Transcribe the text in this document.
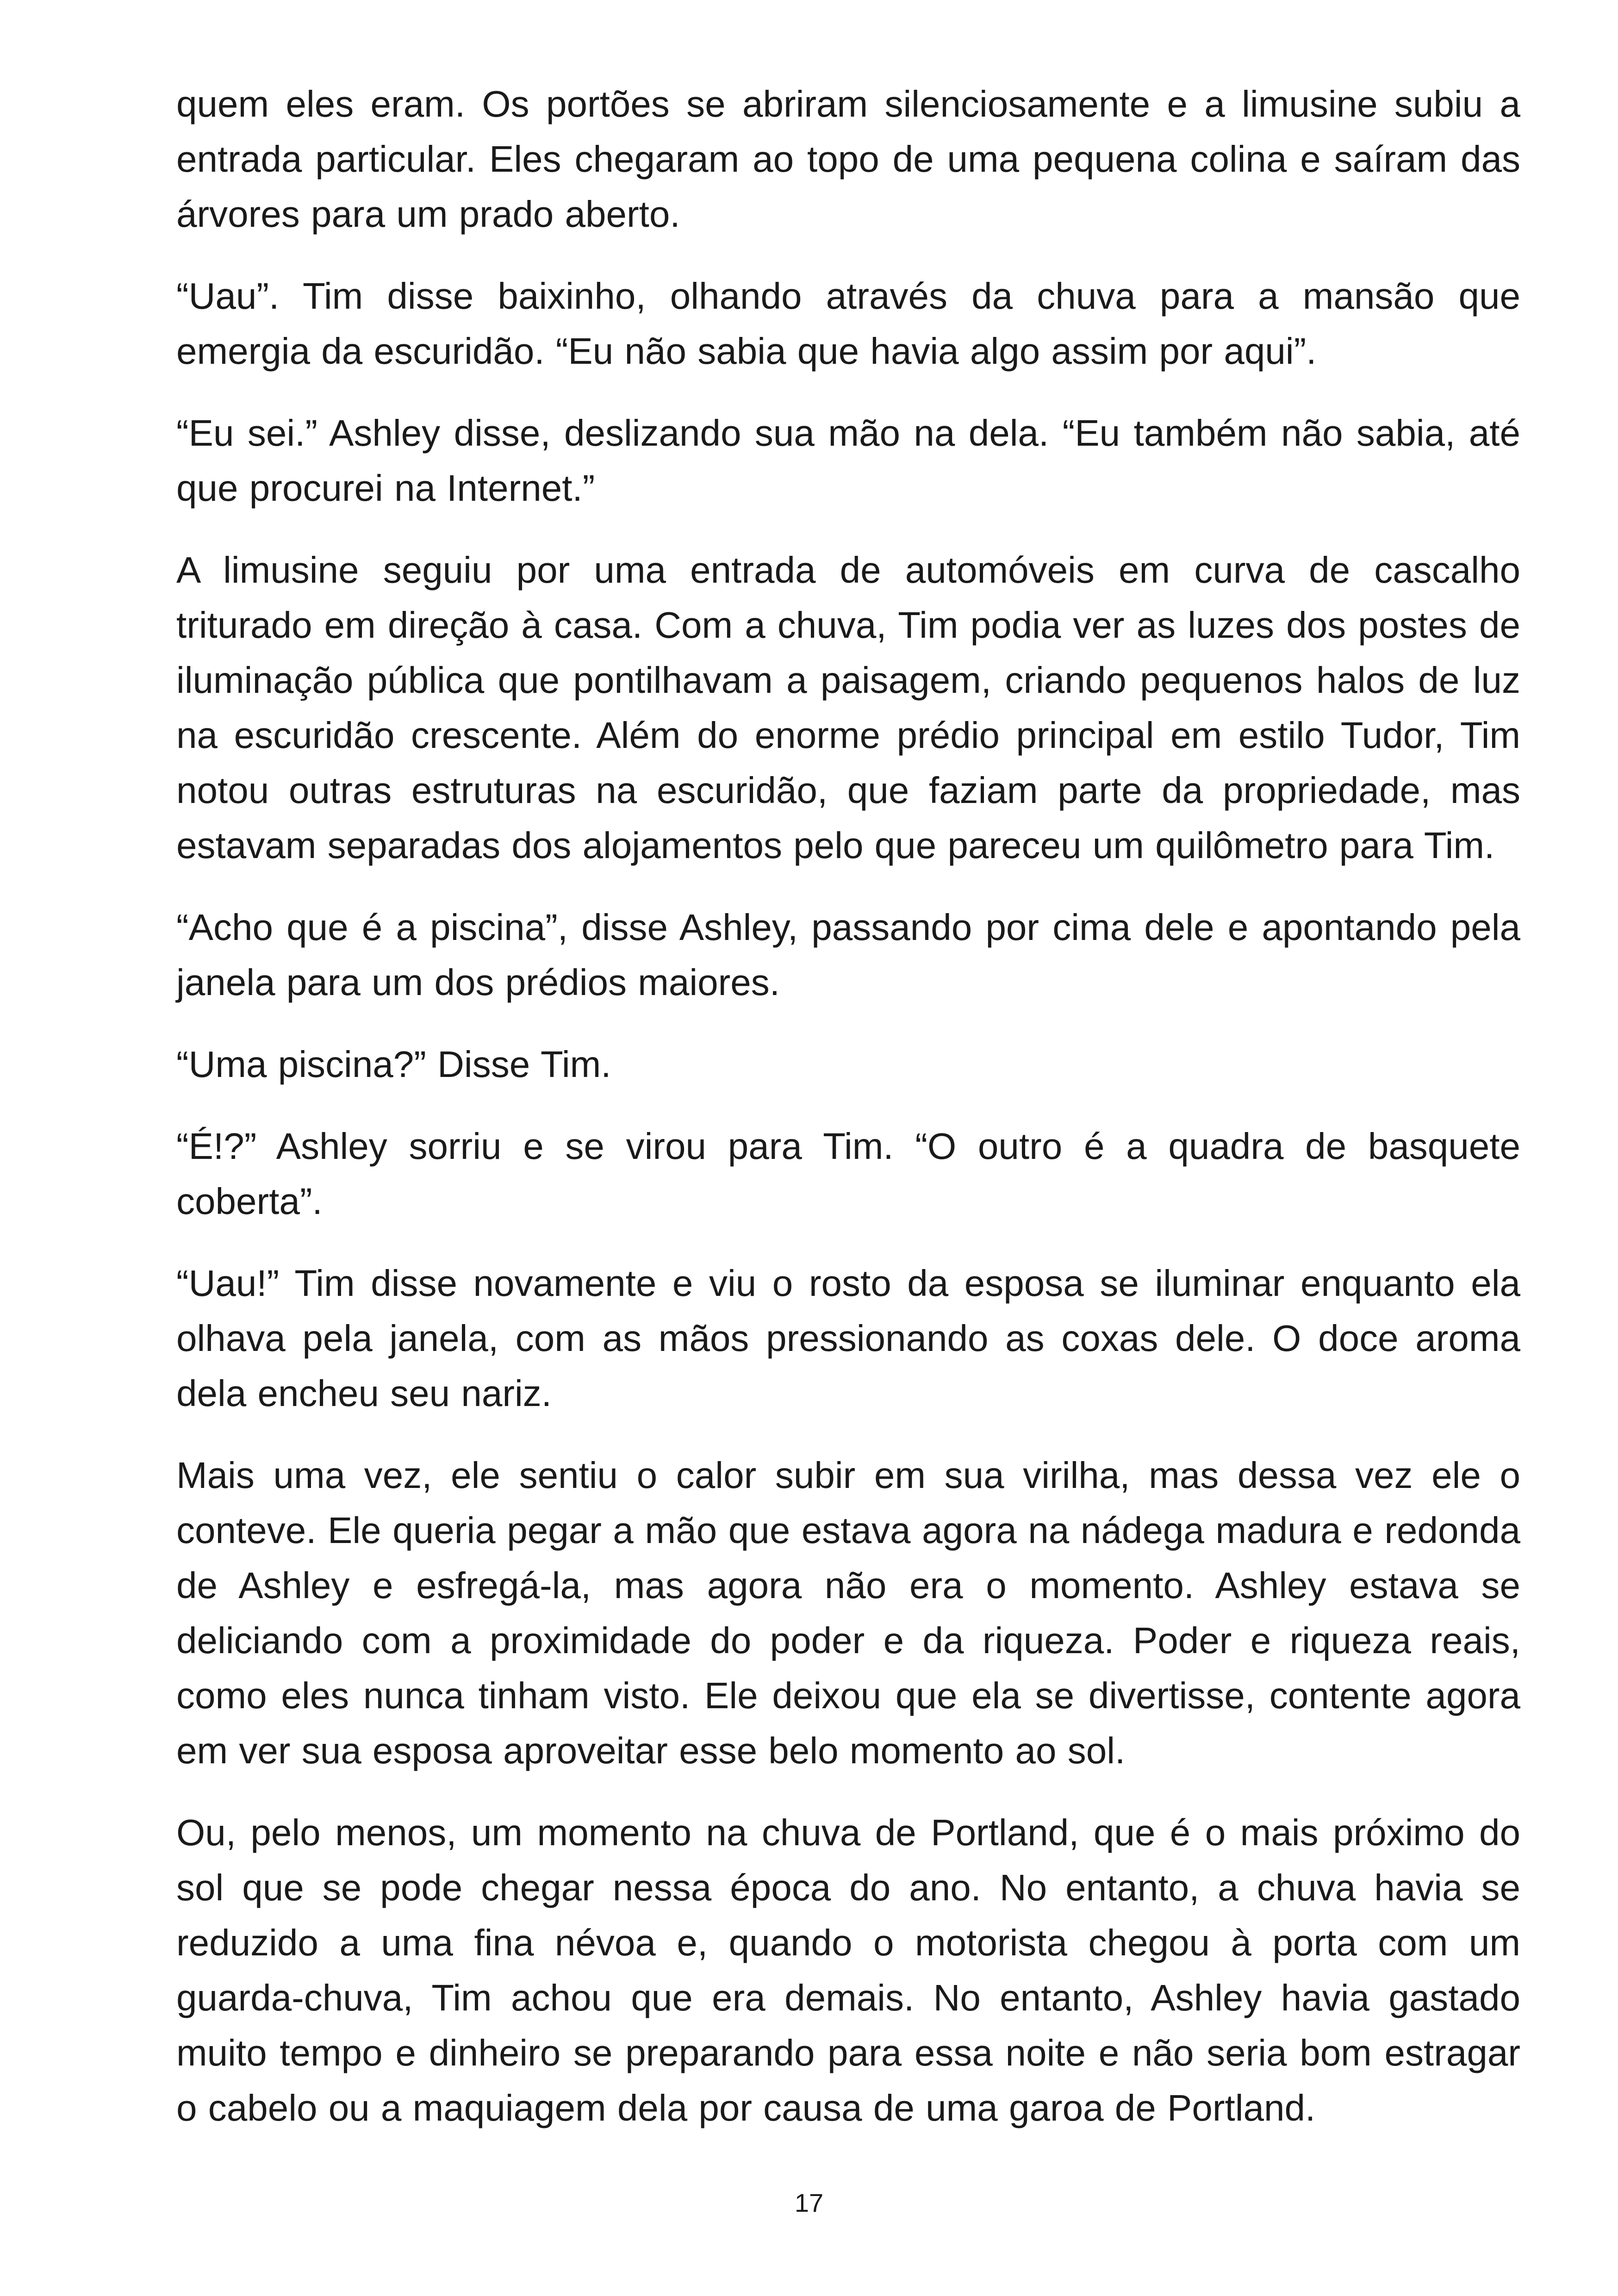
quem eles eram. Os portões se abriram silenciosamente e a limusine subiu a entrada particular. Eles chegaram ao topo de uma pequena colina e saíram das árvores para um prado aberto.

“Uau”. Tim disse baixinho, olhando através da chuva para a mansão que emergia da escuridão. “Eu não sabia que havia algo assim por aqui”.

“Eu sei.” Ashley disse, deslizando sua mão na dela. “Eu também não sabia, até que procurei na Internet.”

A limusine seguiu por uma entrada de automóveis em curva de cascalho triturado em direção à casa. Com a chuva, Tim podia ver as luzes dos postes de iluminação pública que pontilhavam a paisagem, criando pequenos halos de luz na escuridão crescente. Além do enorme prédio principal em estilo Tudor, Tim notou outras estruturas na escuridão, que faziam parte da propriedade, mas estavam separadas dos alojamentos pelo que pareceu um quilômetro para Tim.

“Acho que é a piscina”, disse Ashley, passando por cima dele e apontando pela janela para um dos prédios maiores.

“Uma piscina?” Disse Tim.

“É!?” Ashley sorriu e se virou para Tim. “O outro é a quadra de basquete coberta”.

“Uau!” Tim disse novamente e viu o rosto da esposa se iluminar enquanto ela olhava pela janela, com as mãos pressionando as coxas dele. O doce aroma dela encheu seu nariz.

Mais uma vez, ele sentiu o calor subir em sua virilha, mas dessa vez ele o conteve. Ele queria pegar a mão que estava agora na nádega madura e redonda de Ashley e esfregá-la, mas agora não era o momento. Ashley estava se deliciando com a proximidade do poder e da riqueza. Poder e riqueza reais, como eles nunca tinham visto. Ele deixou que ela se divertisse, contente agora em ver sua esposa aproveitar esse belo momento ao sol.

Ou, pelo menos, um momento na chuva de Portland, que é o mais próximo do sol que se pode chegar nessa época do ano. No entanto, a chuva havia se reduzido a uma fina névoa e, quando o motorista chegou à porta com um guarda-chuva, Tim achou que era demais. No entanto, Ashley havia gastado muito tempo e dinheiro se preparando para essa noite e não seria bom estragar o cabelo ou a maquiagem dela por causa de uma garoa de Portland.

17
